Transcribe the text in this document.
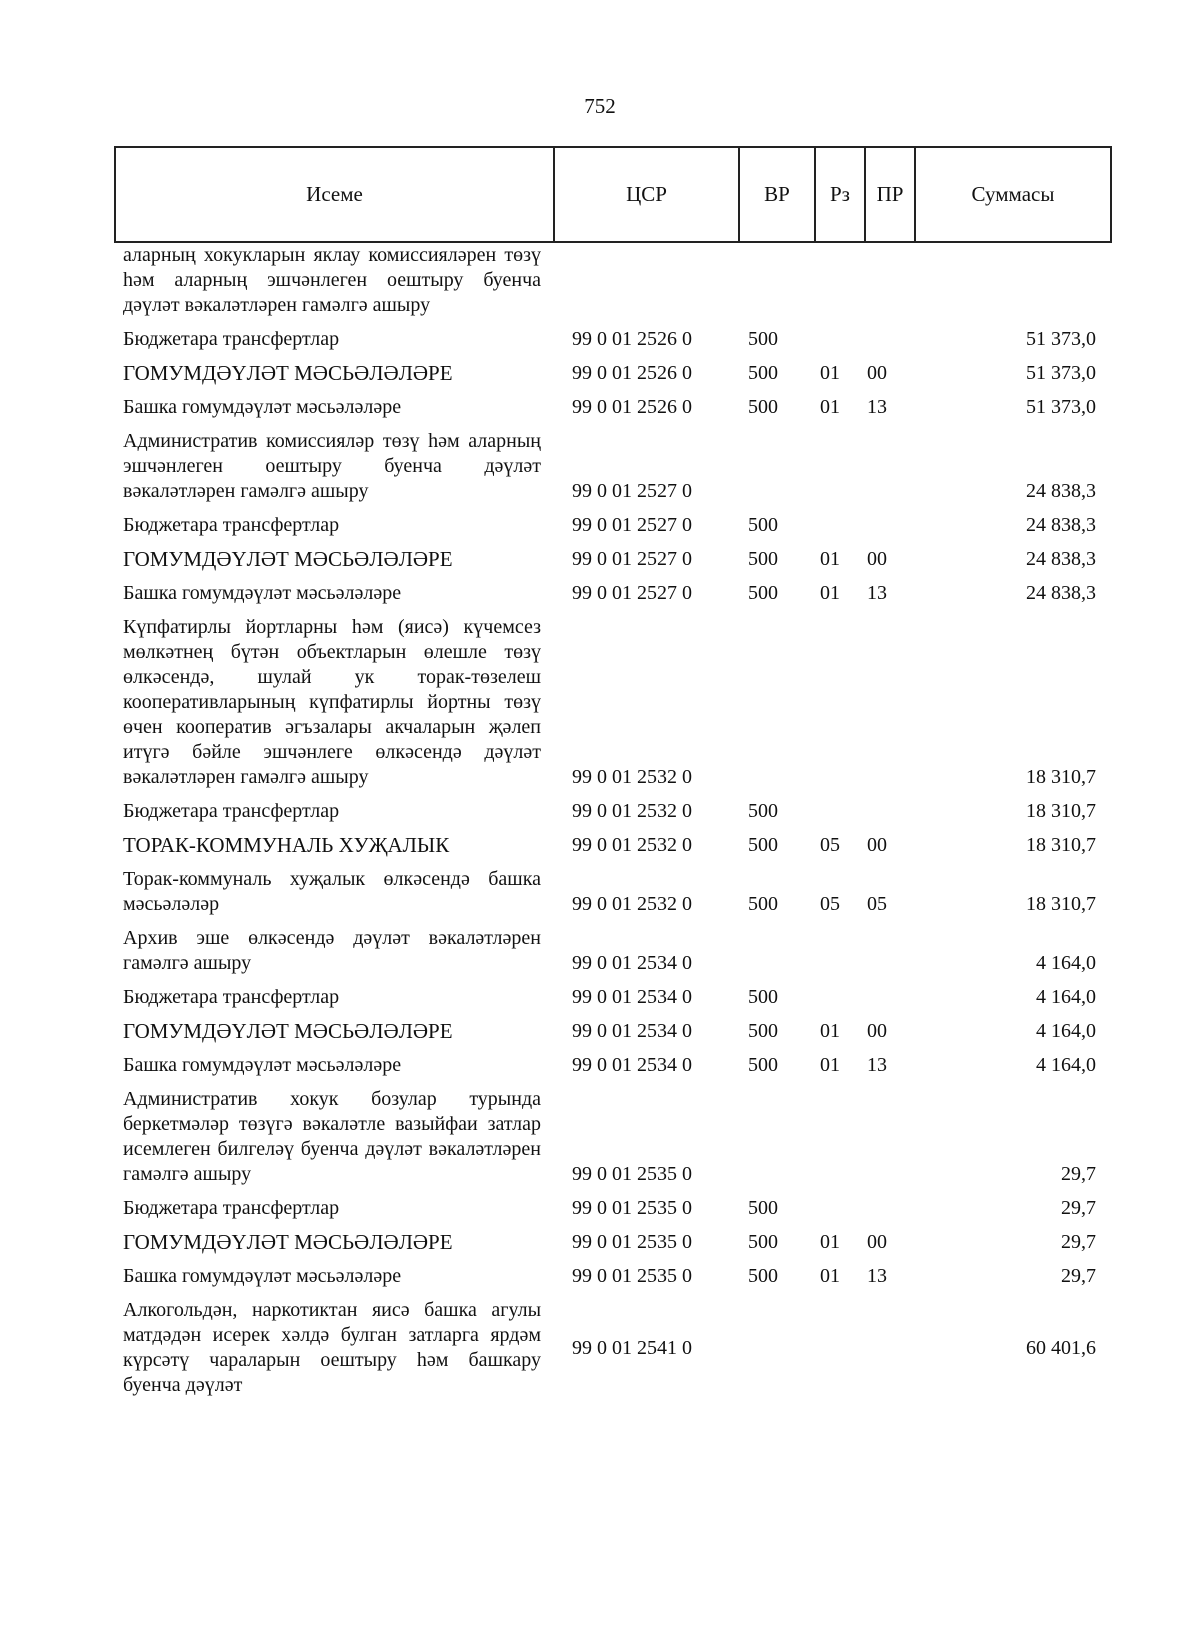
752
Исеме	ЦСР	ВР	Рз	ПР	Суммасы
аларның хокукларын яклау комиссияләрен төзү һәм аларның эшчәнлеген оештыру буенча дәүләт вәкаләтләрен гамәлгә ашыру					
Бюджетара трансфертлар	99 0 01 2526 0	500			51 373,0
ГОМУМДӘҮЛӘТ МӘСЬӘЛӘЛӘРЕ	99 0 01 2526 0	500	01	00	51 373,0
Башка гомумдәүләт мәсьәләләре	99 0 01 2526 0	500	01	13	51 373,0
Административ комиссияләр төзү һәм аларның эшчәнлеген оештыру буенча дәүләт вәкаләтләрен гамәлгә ашыру	99 0 01 2527 0				24 838,3
Бюджетара трансфертлар	99 0 01 2527 0	500			24 838,3
ГОМУМДӘҮЛӘТ МӘСЬӘЛӘЛӘРЕ	99 0 01 2527 0	500	01	00	24 838,3
Башка гомумдәүләт мәсьәләләре	99 0 01 2527 0	500	01	13	24 838,3
Күпфатирлы йортларны һәм (яисә) күчемсез мөлкәтнең бүтән объектларын өлешле төзү өлкәсендә, шулай ук торак-төзелеш кооперативларының күпфатирлы йортны төзү өчен кооператив әгъзалары акчаларын җәлеп итүгә бәйле эшчәнлеге өлкәсендә дәүләт вәкаләтләрен гамәлгә ашыру	99 0 01 2532 0				18 310,7
Бюджетара трансфертлар	99 0 01 2532 0	500			18 310,7
ТОРАК-КОММУНАЛЬ ХУҖАЛЫК	99 0 01 2532 0	500	05	00	18 310,7
Торак-коммуналь хуҗалык өлкәсендә башка мәсьәләләр	99 0 01 2532 0	500	05	05	18 310,7
Архив эше өлкәсендә дәүләт вәкаләтләрен гамәлгә ашыру	99 0 01 2534 0				4 164,0
Бюджетара трансфертлар	99 0 01 2534 0	500			4 164,0
ГОМУМДӘҮЛӘТ МӘСЬӘЛӘЛӘРЕ	99 0 01 2534 0	500	01	00	4 164,0
Башка гомумдәүләт мәсьәләләре	99 0 01 2534 0	500	01	13	4 164,0
Административ хокук бозулар турында беркетмәләр төзүгә вәкаләтле вазыйфаи затлар исемлеген билгеләү буенча дәүләт вәкаләтләрен гамәлгә ашыру	99 0 01 2535 0				29,7
Бюджетара трансфертлар	99 0 01 2535 0	500			29,7
ГОМУМДӘҮЛӘТ МӘСЬӘЛӘЛӘРЕ	99 0 01 2535 0	500	01	00	29,7
Башка гомумдәүләт мәсьәләләре	99 0 01 2535 0	500	01	13	29,7
Алкогольдән, наркотиктан яисә башка агулы матдәдән исерек хәлдә булган затларга ярдәм күрсәтү чараларын оештыру һәм башкару буенча дәүләт	99 0 01 2541 0				60 401,6
